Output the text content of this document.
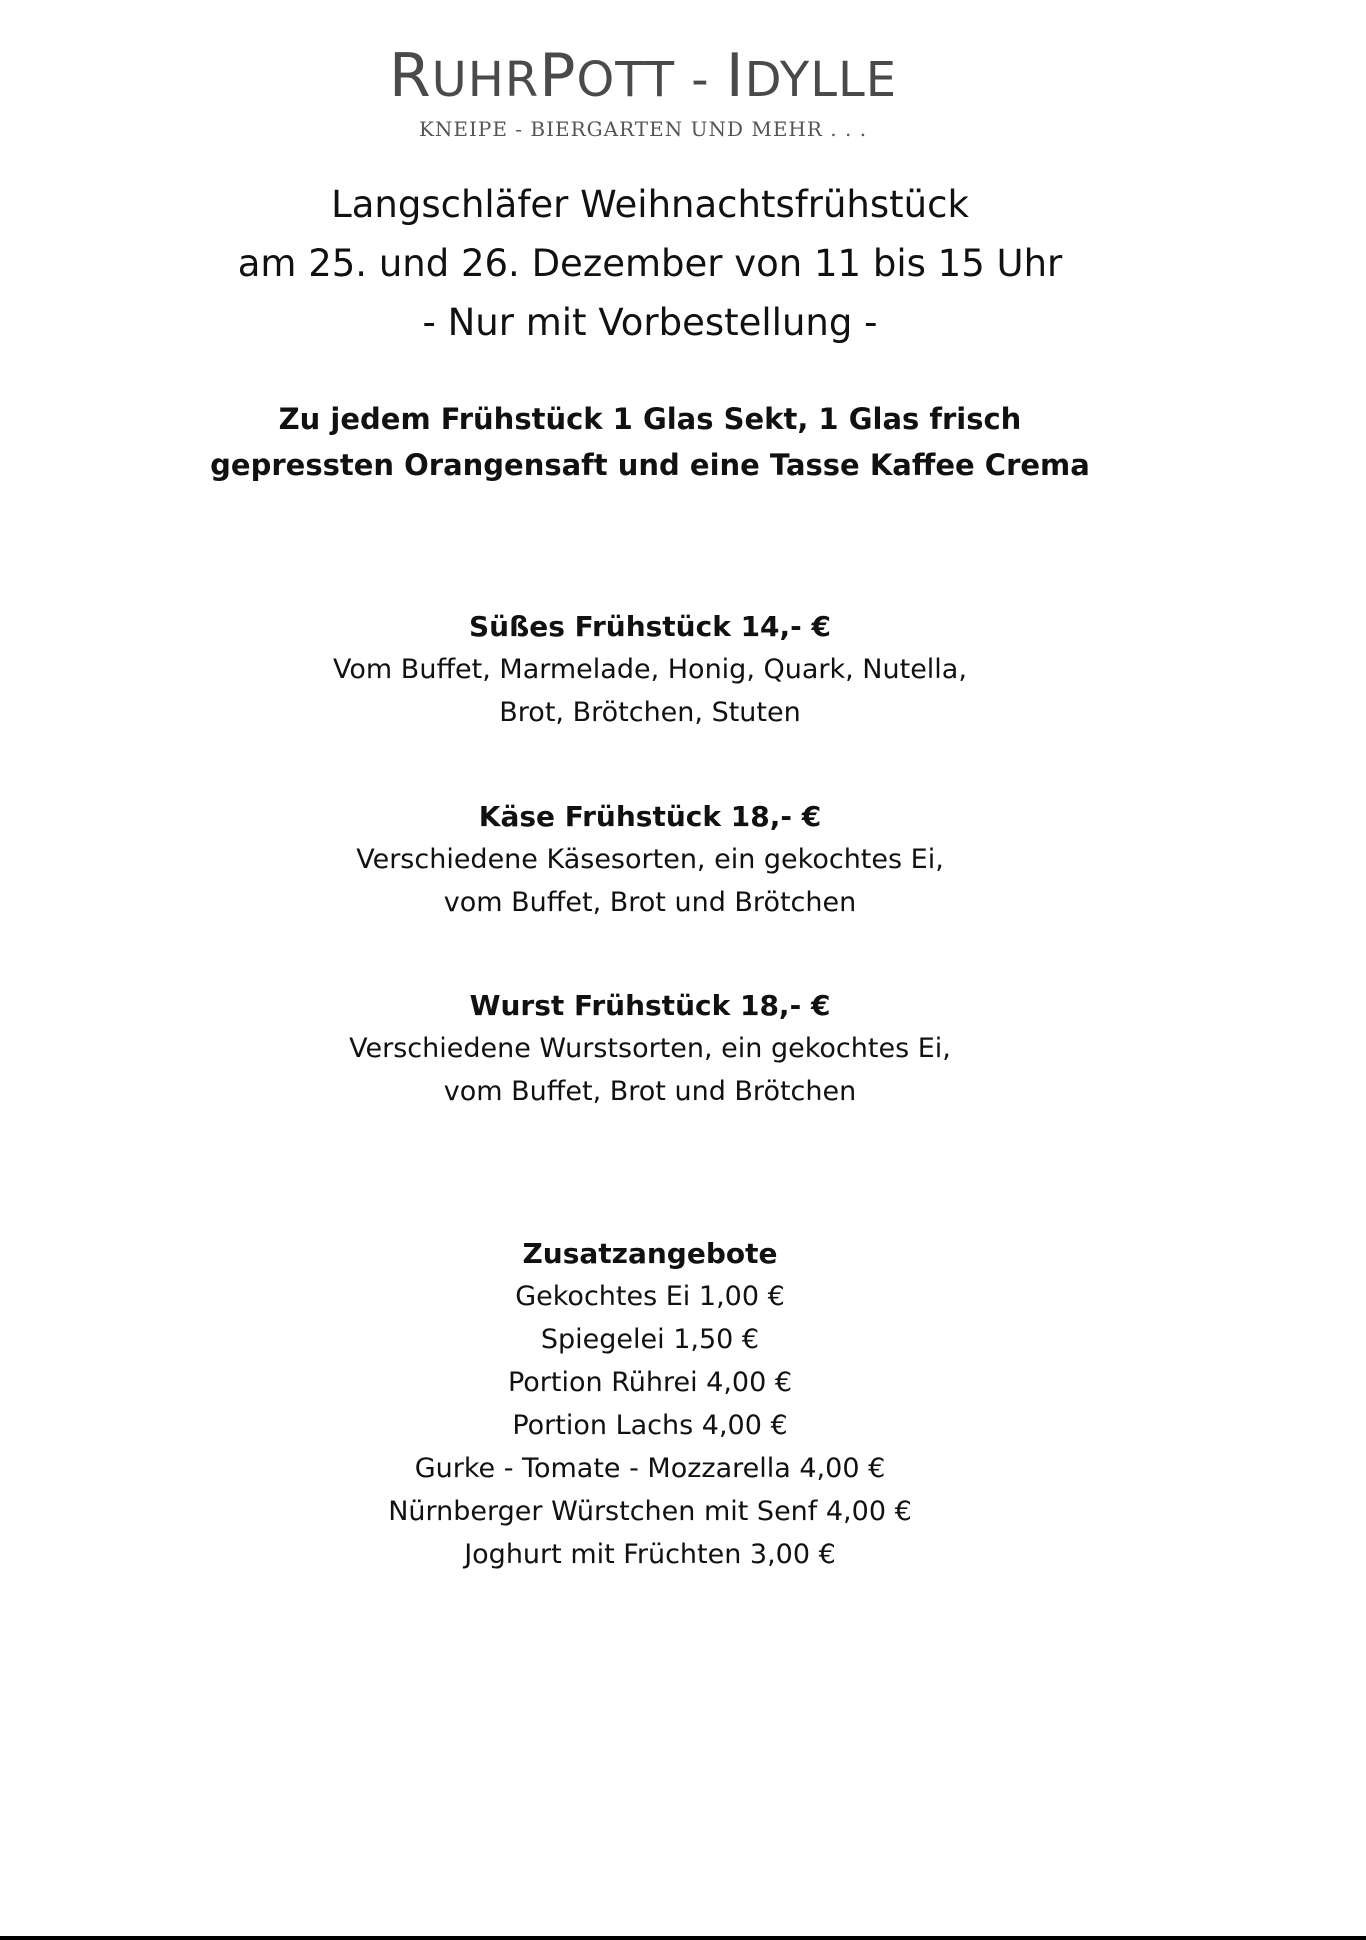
RUHRPOTT - IDYLLE
KNEIPE - BIERGARTEN UND MEHR . . .
Langschläfer Weihnachtsfrühstück
am 25. und 26. Dezember von 11 bis 15 Uhr
- Nur mit Vorbestellung -
Zu jedem Frühstück 1 Glas Sekt, 1 Glas frisch
gepressten Orangensaft und eine Tasse Kaffee Crema
Süßes Frühstück 14,- €
Vom Buffet, Marmelade, Honig, Quark, Nutella,
Brot, Brötchen, Stuten
Käse Frühstück 18,- €
Verschiedene Käsesorten, ein gekochtes Ei,
vom Buffet, Brot und Brötchen
Wurst Frühstück 18,- €
Verschiedene Wurstsorten, ein gekochtes Ei,
vom Buffet, Brot und Brötchen
Zusatzangebote
Gekochtes Ei 1,00 €
Spiegelei 1,50 €
Portion Rührei 4,00 €
Portion Lachs 4,00 €
Gurke - Tomate - Mozzarella 4,00 €
Nürnberger Würstchen mit Senf 4,00 €
Joghurt mit Früchten 3,00 €
